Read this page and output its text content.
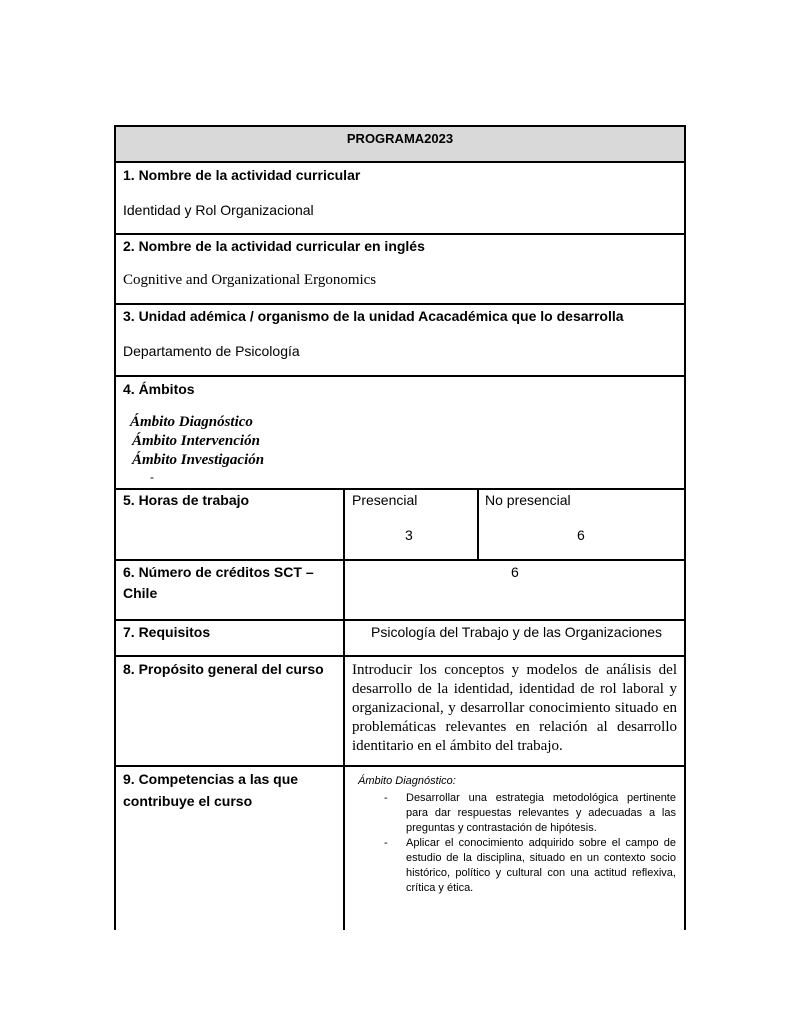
PROGRAMA2023
1. Nombre de la actividad curricular
Identidad y Rol Organizacional
2. Nombre de la actividad curricular en inglés
Cognitive and Organizational Ergonomics
3. Unidad adémica / organismo de la unidad Acacadémica que lo desarrolla
Departamento de Psicología
4. Ámbitos
Ámbito Diagnóstico
Ámbito Intervención
Ámbito Investigación
-
5. Horas de trabajo	Presencial
3
No presencial
6
6. Número de créditos SCT –
Chile
6
7. Requisitos	Psicología del Trabajo y de las Organizaciones
8. Propósito general del curso Introducir los conceptos y modelos de análisis del desarrollo de la identidad, identidad de rol laboral y organizacional, y desarrollar conocimiento situado en problemáticas relevantes en relación al desarrollo identitario en el ámbito del trabajo.
9. Competencias a las que
contribuye el curso
Ámbito Diagnóstico:
- Desarrollar una estrategia metodológica pertinente para dar respuestas relevantes y adecuadas a las preguntas y contrastación de hipótesis.
- Aplicar el conocimiento adquirido sobre el campo de estudio de la disciplina, situado en un contexto socio histórico, político y cultural con una actitud reflexiva, crítica y ética.
